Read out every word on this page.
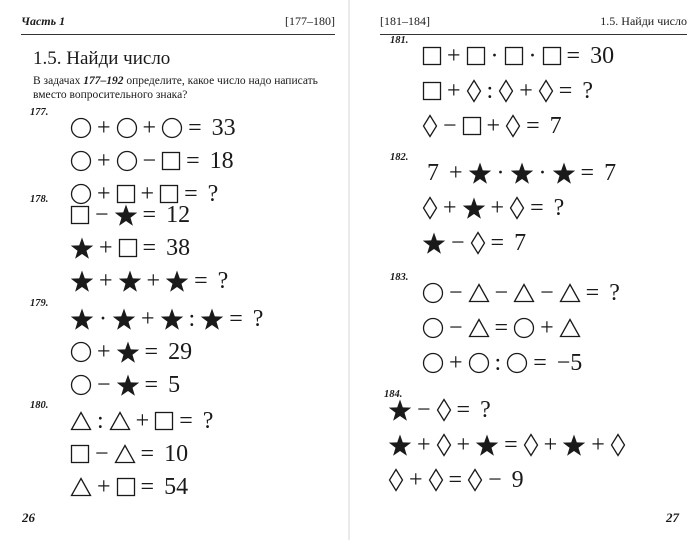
Часть 1	[177–180]
1.5. Найди число
В задачах 177–192 определите, какое число надо написать вместо вопросительного знака?
177.
+ + = 33
+ − = 18
+ + = ?
178.
− = 12
+ = 38
+ + = ?
179.
· + : = ?
+ = 29
− = 5
180.
: + = ?
− = 10
+ = 54
26
[181–184]	1.5. Найди число
181.
+ · · = 30
+ : + = ?
− + = 7
182.
7 + · · = 7
+ + = ?
− = 7
183.
− − − = ?
− = +
+ : = −5
184.
− = ?
+ + = + +
+ = − 9
27
